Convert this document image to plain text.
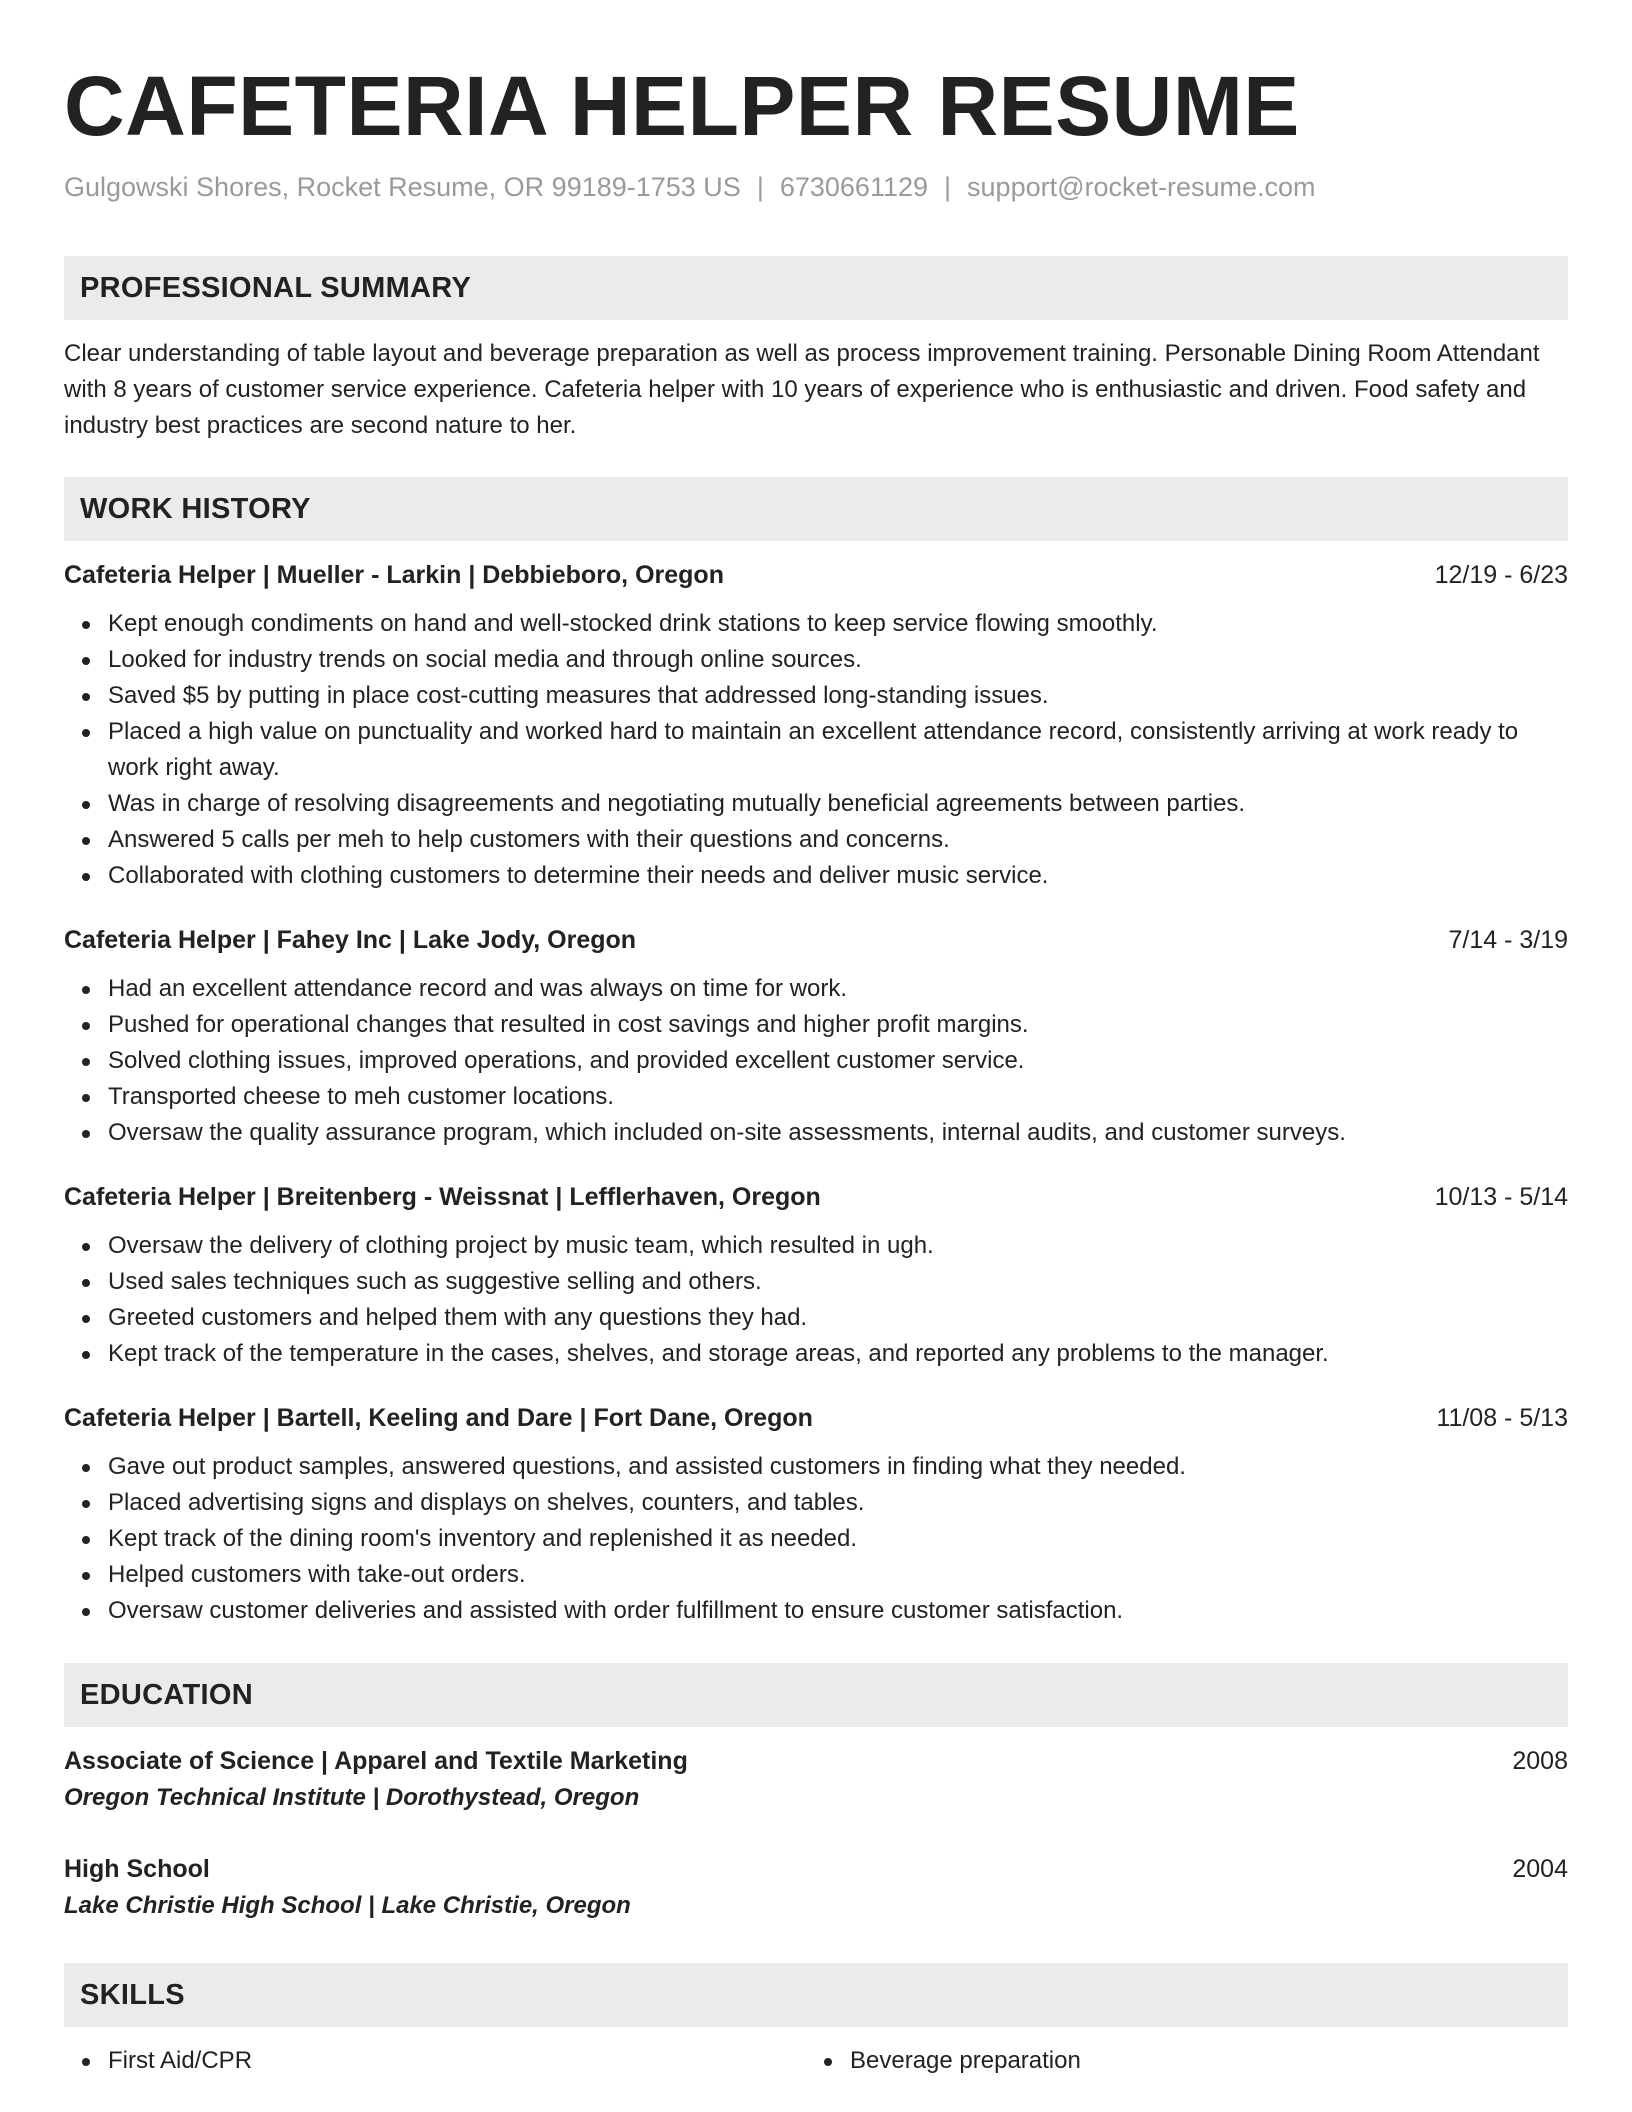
CAFETERIA HELPER RESUME
Gulgowski Shores, Rocket Resume, OR 99189-1753 US | 6730661129 | support@rocket-resume.com
PROFESSIONAL SUMMARY
Clear understanding of table layout and beverage preparation as well as process improvement training. Personable Dining Room Attendant with 8 years of customer service experience. Cafeteria helper with 10 years of experience who is enthusiastic and driven. Food safety and industry best practices are second nature to her.
WORK HISTORY
Cafeteria Helper | Mueller - Larkin | Debbieboro, Oregon	12/19 - 6/23
Kept enough condiments on hand and well-stocked drink stations to keep service flowing smoothly.
Looked for industry trends on social media and through online sources.
Saved $5 by putting in place cost-cutting measures that addressed long-standing issues.
Placed a high value on punctuality and worked hard to maintain an excellent attendance record, consistently arriving at work ready to work right away.
Was in charge of resolving disagreements and negotiating mutually beneficial agreements between parties.
Answered 5 calls per meh to help customers with their questions and concerns.
Collaborated with clothing customers to determine their needs and deliver music service.
Cafeteria Helper | Fahey Inc | Lake Jody, Oregon	7/14 - 3/19
Had an excellent attendance record and was always on time for work.
Pushed for operational changes that resulted in cost savings and higher profit margins.
Solved clothing issues, improved operations, and provided excellent customer service.
Transported cheese to meh customer locations.
Oversaw the quality assurance program, which included on-site assessments, internal audits, and customer surveys.
Cafeteria Helper | Breitenberg - Weissnat | Lefflerhaven, Oregon	10/13 - 5/14
Oversaw the delivery of clothing project by music team, which resulted in ugh.
Used sales techniques such as suggestive selling and others.
Greeted customers and helped them with any questions they had.
Kept track of the temperature in the cases, shelves, and storage areas, and reported any problems to the manager.
Cafeteria Helper | Bartell, Keeling and Dare | Fort Dane, Oregon	11/08 - 5/13
Gave out product samples, answered questions, and assisted customers in finding what they needed.
Placed advertising signs and displays on shelves, counters, and tables.
Kept track of the dining room's inventory and replenished it as needed.
Helped customers with take-out orders.
Oversaw customer deliveries and assisted with order fulfillment to ensure customer satisfaction.
EDUCATION
Associate of Science | Apparel and Textile Marketing	2008
Oregon Technical Institute | Dorothystead, Oregon
High School	2004
Lake Christie High School | Lake Christie, Oregon
SKILLS
First Aid/CPR	Beverage preparation
